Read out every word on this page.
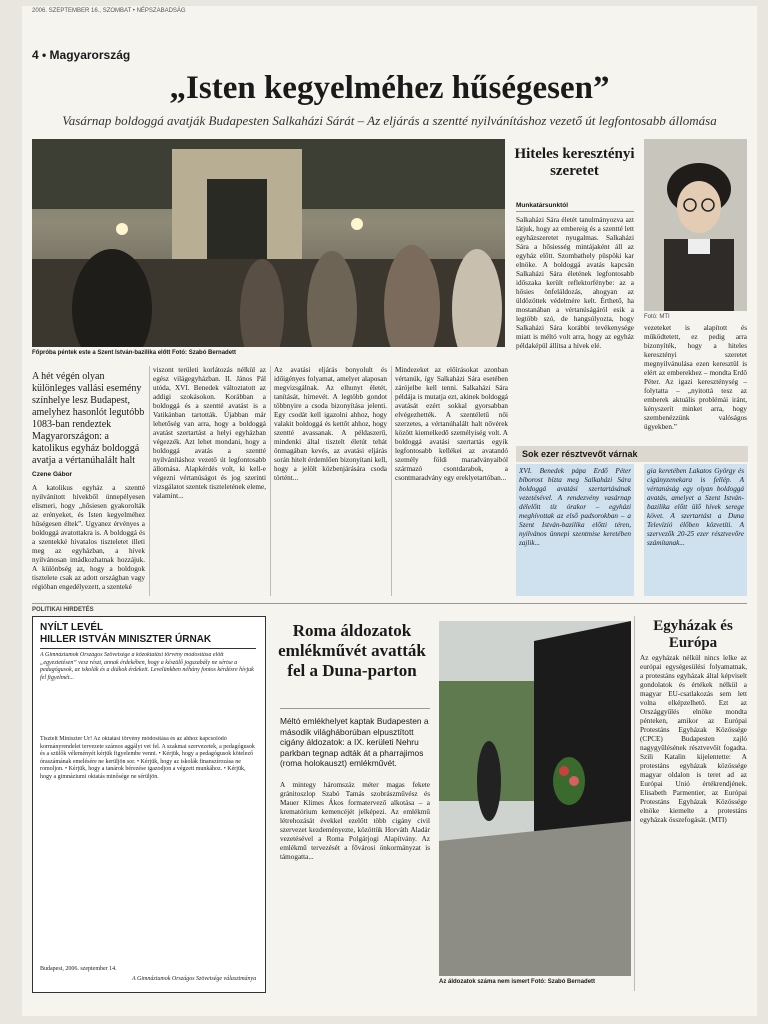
2006. SZEPTEMBER 16., SZOMBAT • NÉPSZABADSÁG
4 • Magyarország
„Isten kegyelméhez hűségesen”
Vasárnap boldoggá avatják Budapesten Salkaházi Sárát – Az eljárás a szentté nyilvánításhoz vezető út legfontosabb állomása
Főpróba péntek este a Szent István-bazilika előtt Fotó: Szabó Bernadett
A hét végén olyan különleges vallási esemény színhelye lesz Budapest, amelyhez hasonlót legutóbb 1083-ban rendeztek Magyarországon: a katolikus egyház boldoggá avatja a vértanúhalált halt
Czene Gábor
A katolikus egyház a szentté nyilvánított hívekből ünnepélyesen elismeri, hogy „hősiesen gyakorolták az erényeket, és Isten kegyelméhez hűségesen éltek”. Ugyanez érvényes a boldoggá avatottakra is. A boldoggá és a szentekké hivatalos tiszteletet illeti meg az egyházban, a hívek nyilvánosan imádkozhatnak hozzájuk. A különbség az, hogy a boldogok tisztelete csak az adott országban vagy régióban engedélyezett, a szenteké
viszont területi korlátozás nélkül az egész világegyházban. II. János Pál utóda, XVI. Benedek változtatott az addigi szokásokon. Korábban a boldoggá és a szentté avatást is a Vatikánban tartották. Újabban már lehetőség van arra, hogy a boldoggá avatást szertartást a helyi egyházban végezzék. Azt lehet mondani, hogy a boldoggá avatás a szentté nyilvánításhoz vezető út legfontosabb állomása. Alapkérdés volt, ki kell-e végezni vértanúságot és jog szerinti vizsgálatot szentek tiszteletének eleme, valamint...
Az avatási eljárás bonyolult és időigényes folyamat, amelyet alaposan megvizsgálnak. Az elhunyt életét, tanítását, hírnevét. A legtöbb gondot többnyire a csoda bizonyítása jelenti. Egy csodát kell igazolni ahhoz, hogy valakit boldoggá és kettőt ahhoz, hogy szentté avassanak. A példaszerű, mindenki által tisztelt életút tehát önmagában kevés, az avatási eljárás során hitelt érdemlően bizonyítani kell, hogy a jelölt közbenjárására csoda történt...
Mindezeket az előírásokat azonban vértanúk, így Salkaházi Sára esetében zárójelbe kell tenni. Salkaházi Sára példája is mutatja ezt, akinek boldoggá avatását ezért sokkal gyorsabban elvégezhették. A szentéletű női szerzetes, a vértanúhalált halt nővérek között kiemelkedő személyiség volt. A boldoggá avatási szertartás egyik legfontosabb kellékei az avatandó személy földi maradványaiból származó csontdarabok, a csontmaradvány egy ereklyetartóban...
Hiteles keresztényi szeretet
Munkatársunktól
Salkaházi Sára életét tanulmányozva azt látjuk, hogy az embereig és a szentté lett egyházszeretet nyugalmas. Salkaházi Sára a hősiesség mintájaként áll az egyház előtt. Szombathely püspöki kar elnöke. A boldoggá avatás kapcsán Salkaházi Sára életének legfontosabb időszaka került reflektorfénybe: az a hősies önfeláldozás, ahogyan az üldözöttek védelmére kelt. Érthető, ha mostanában a vértanúságáról esik a legtöbb szó, de hangsúlyozta, hogy Salkaházi Sára korábbi tevékenysége miatt is méltó volt arra, hogy az egyház példaképül állítsa a hívek elé.
Fotó: MTI
vezeteket is alapított és működtetett, ez pedig arra bizonyíték, hogy a hiteles keresztényi szeretet megnyilvánulása ezen keresztül is elért az emberekhez – mondta Erdő Péter. Az igazi kereszténység – folytatta – „nyitottá tesz az emberek aktuális problémái iránt, kényszerít minket arra, hogy szembenézzünk valóságos ügyekben.”
Sok ezer résztvevőt várnak
XVI. Benedek pápa Erdő Péter bíborost bízta meg Salkaházi Sára boldoggá avatási szertartásának vezetésével. A rendezvény vasárnap délelőtt tíz órakor – egyházi meghívottak az első padsorokban – a Szent István-bazilika előtti téren, nyilvános ünnepi szentmise keretében zajlik...
gia keretében Lakatos György és cigányzenekara is fellép. A vértanúság egy olyan boldoggá avatás, amelyet a Szent István-bazilika előtt ülő hívek serege követ. A szertartást a Duna Televízió élőben közvetíti. A szervezők 20-25 ezer résztvevőre számítanak...
POLITIKAI HIRDETÉS
NYÍLT LEVÉL
HILLER ISTVÁN MINISZTER ÚRNAK
A Gimnáziumok Országos Szövetsége a közoktatási törvény módosítása előtt „egyeztetésen” vesz részt, annak érdekében, hogy a készülő jogszabály ne sértse a pedagógusok, az iskolák és a diákok érdekeit. Levelünkben néhány fontos kérdésre hívjuk fel figyelmét...
Tisztelt Miniszter Úr! Az oktatási törvény módosítása és az ahhoz kapcsolódó kormányrendelet tervezete számos aggályt vet fel. A szakmai szervezetek, a pedagógusok és a szülők véleményét kérjük figyelembe venni. • Kérjük, hogy a pedagógusok kötelező óraszámának emelésére ne kerüljön sor. • Kérjük, hogy az iskolák finanszírozása ne romoljon. • Kérjük, hogy a tanárok bérezése igazodjon a végzett munkához. • Kérjük, hogy a gimnáziumi oktatás minősége ne sérüljön.
Budapest, 2006. szeptember 14.
A Gimnáziumok Országos Szövetsége választmánya
Roma áldozatok emlékművét avatták fel a Duna-parton
Méltó emlékhelyet kaptak Budapesten a második világháborúban elpusztított cigány áldozatok: a IX. kerületi Nehru parkban tegnap adták át a pharrajimos (roma holokauszt) emlékművét.
A mintegy háromszáz méter magas fekete gránitoszlop Szabó Tamás szobrászművész és Mauer Klimes Ákos formatervező alkotása – a krematórium kemencéjét jelképezi. Az emlékmű létrehozását évekkel ezelőtt több cigány civil szervezet kezdeményezte, közöttük Horváth Aladár vezetésével a Roma Polgárjogi Alapítvány. Az emlékmű tervezését a fővárosi önkormányzat is támogatta...
Az áldozatok száma nem ismert Fotó: Szabó Bernadett
Egyházak és Európa
Az egyházak nélkül nincs lelke az európai egységesülési folyamatnak, a protestáns egyházak által képviselt gondolatok és értékek nélkül a magyar EU-csatlakozás sem lett volna elképzelhető. Ezt az Országgyűlés elnöke mondta pénteken, amikor az Európai Protestáns Egyházak Közössége (CPCE) Budapesten zajló nagygyűlésének résztvevőit fogadta. Szili Katalin kijelentette: A protestáns egyházak közössége magyar oldalon is teret ad az Európai Unió értékrendjének. Elisabeth Parmentier, az Európai Protestáns Egyházak Közössége elnöke kiemelte a protestáns egyházak összefogását. (MTI)
